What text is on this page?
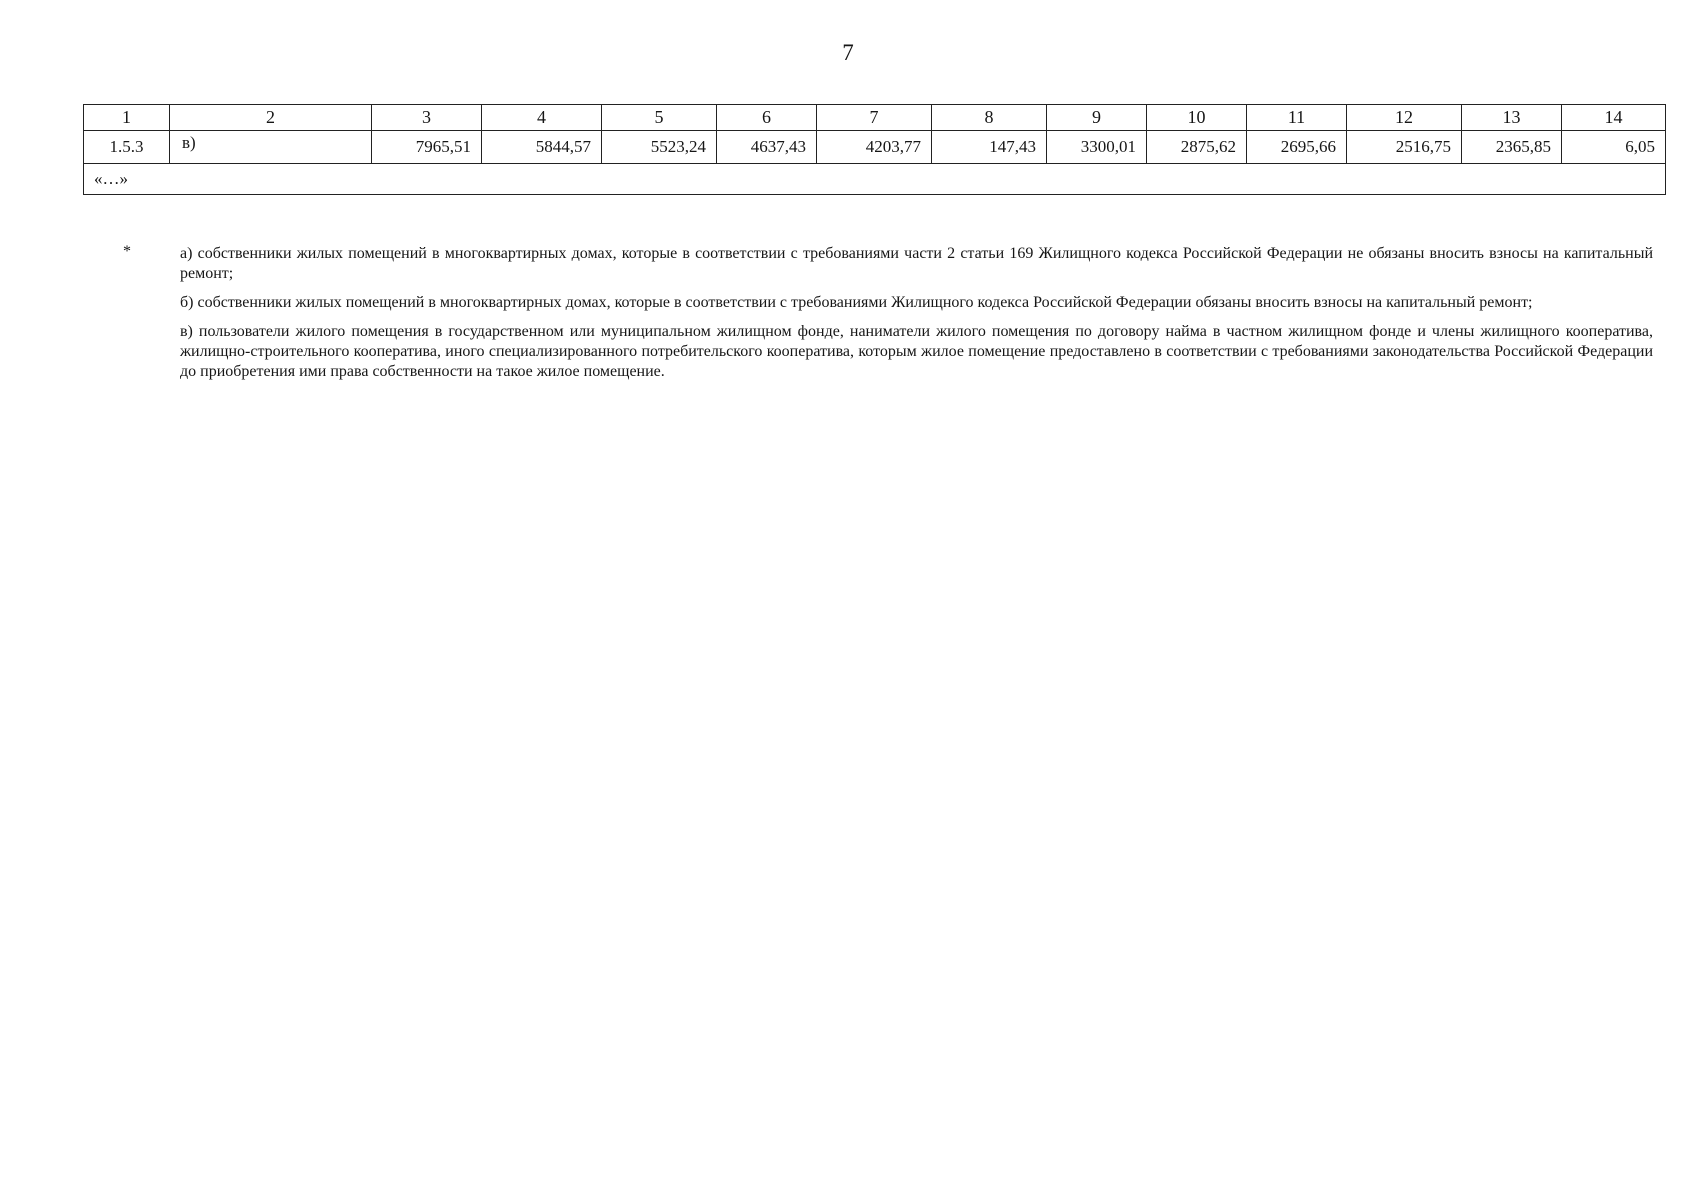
7
1	2	3	4	5	6	7	8	9	10	11	12	13	14
1.5.3	в)	7965,51	5844,57	5523,24	4637,43	4203,77	147,43	3300,01	2875,62	2695,66	2516,75	2365,85	6,05
«…»													
*	а) собственники жилых помещений в многоквартирных домах, которые в соответствии с требованиями части 2 статьи 169 Жилищного кодекса Российской Федерации не обязаны вносить взносы на капитальный ремонт;

б) собственники жилых помещений в многоквартирных домах, которые в соответствии с требованиями Жилищного кодекса Российской Федерации обязаны вносить взносы на капитальный ремонт;

в) пользователи жилого помещения в государственном или муниципальном жилищном фонде, наниматели жилого помещения по договору найма в частном жилищном фонде и члены жилищного кооператива, жилищно-строительного кооператива, иного специализированного потребительского кооператива, которым жилое помещение предоставлено в соответствии с требованиями законодательства Российской Федерации до приобретения ими права собственности на такое жилое помещение.
